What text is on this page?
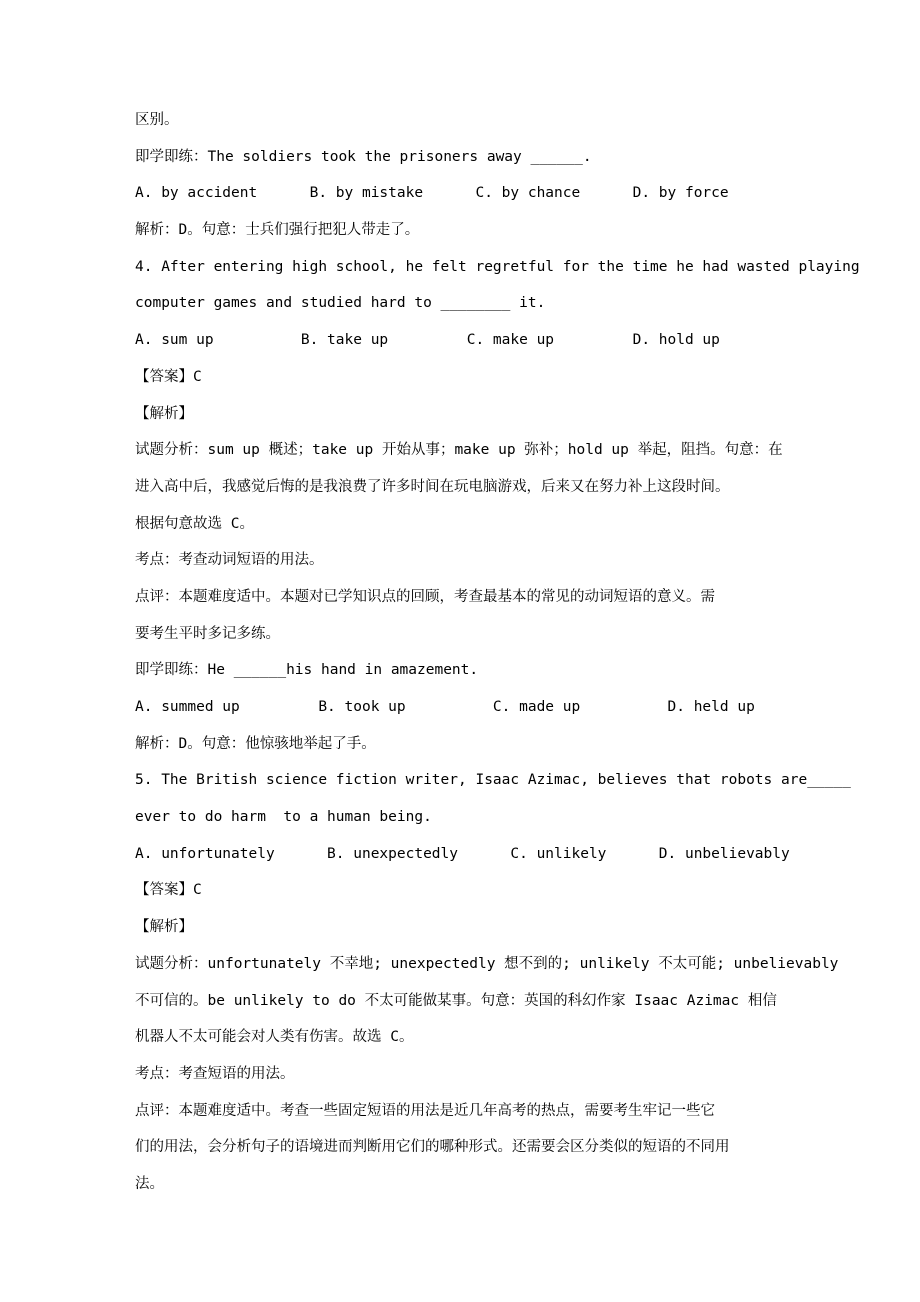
区别。

即学即练：The soldiers took the prisoners away ______.

A. by accident      B. by mistake      C. by chance      D. by force

解析：D。句意：士兵们强行把犯人带走了。

4. After entering high school, he felt regretful for the time he had wasted playing

computer games and studied hard to ________ it.

A. sum up          B. take up         C. make up         D. hold up

【答案】C

【解析】

试题分析：sum up 概述；take up 开始从事；make up 弥补；hold up 举起，阻挡。句意：在

进入高中后，我感觉后悔的是我浪费了许多时间在玩电脑游戏，后来又在努力补上这段时间。

根据句意故选 C。

考点：考查动词短语的用法。

点评：本题难度适中。本题对已学知识点的回顾，考查最基本的常见的动词短语的意义。需

要考生平时多记多练。

即学即练：He ______his hand in amazement.

A. summed up         B. took up          C. made up          D. held up

解析：D。句意：他惊骇地举起了手。

5. The British science fiction writer, Isaac Azimac, believes that robots are_____

ever to do harm  to a human being.

A. unfortunately      B. unexpectedly      C. unlikely      D. unbelievably

【答案】C

【解析】

试题分析：unfortunately 不幸地; unexpectedly 想不到的; unlikely 不太可能; unbelievably

不可信的。be unlikely to do 不太可能做某事。句意：英国的科幻作家 Isaac Azimac 相信

机器人不太可能会对人类有伤害。故选 C。

考点：考查短语的用法。

点评：本题难度适中。考查一些固定短语的用法是近几年高考的热点，需要考生牢记一些它

们的用法，会分析句子的语境进而判断用它们的哪种形式。还需要会区分类似的短语的不同用

法。
